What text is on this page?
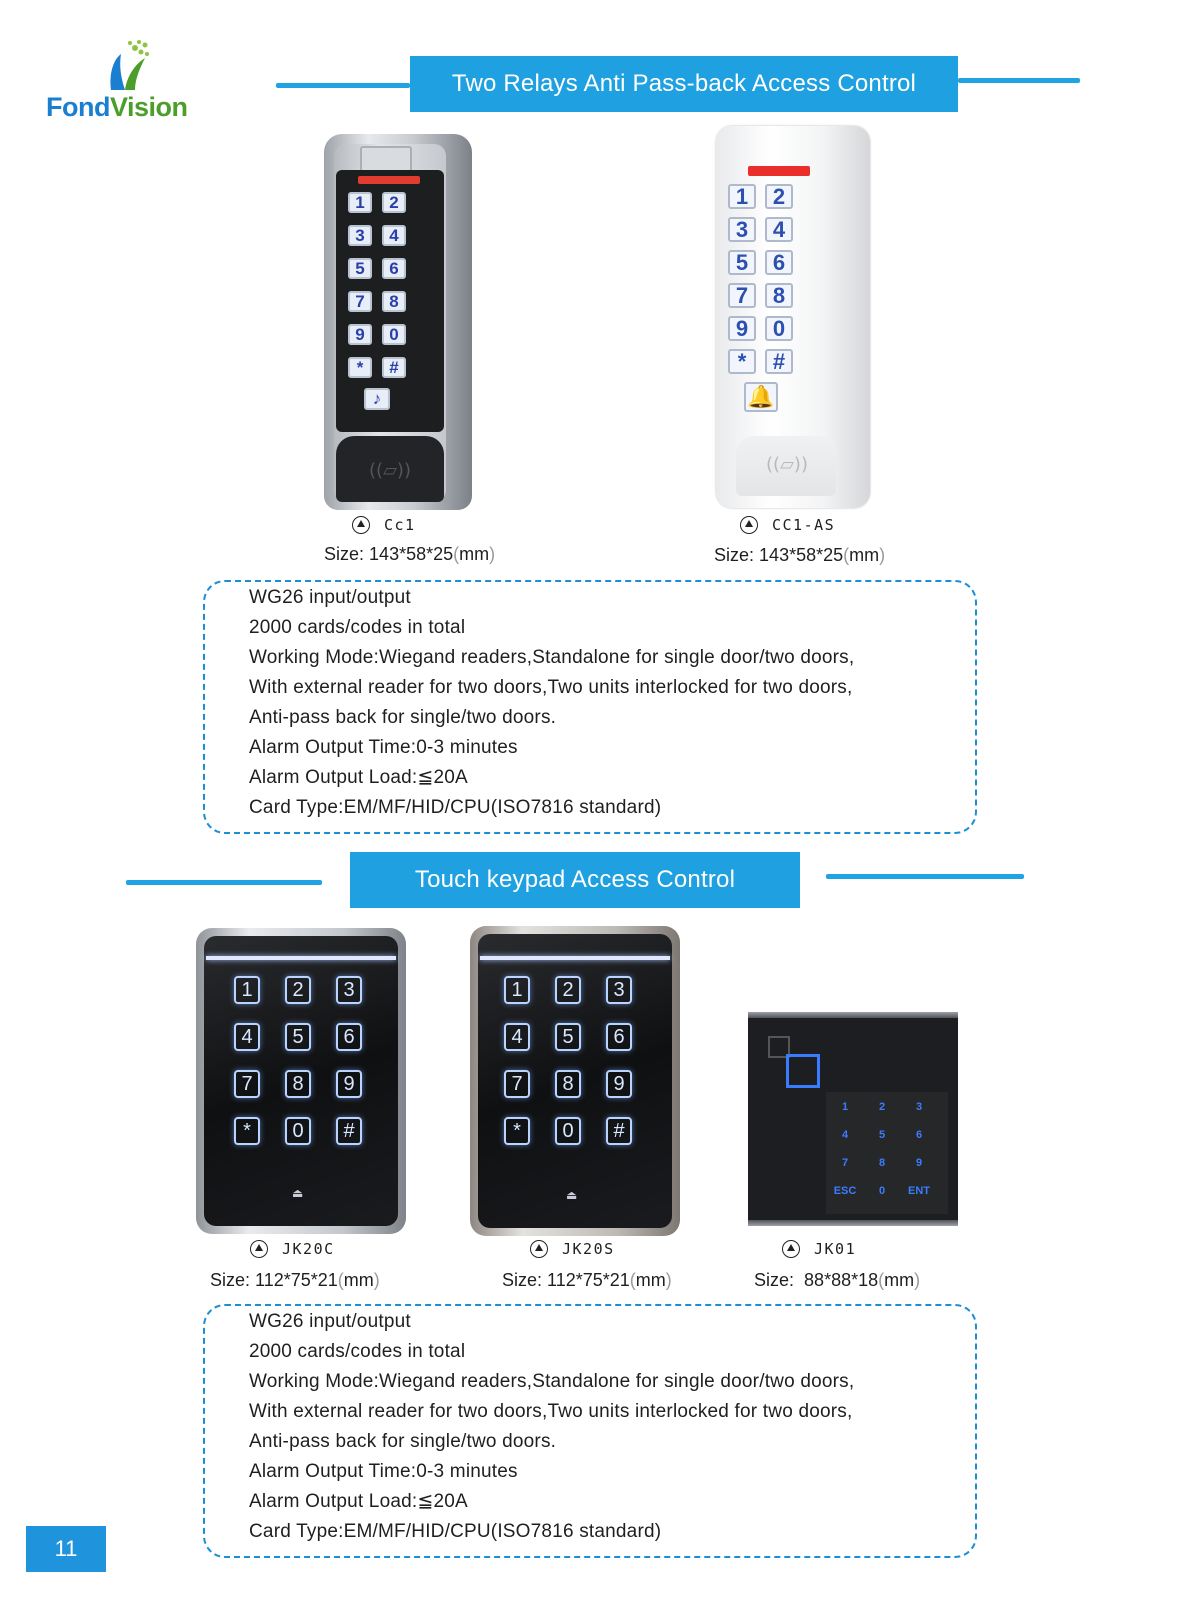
FondVision
Two Relays Anti Pass-back Access Control
1	2
3	4
5	6
7	8
9	0
*	#
♪
((▱))
1	2
3	4
5	6
7	8
9	0
*	#
🔔
((▱))
Cc1
Size: 143*58*25(mm)
CC1-AS
Size: 143*58*25(mm)
WG26 input/output
2000 cards/codes in total
Working Mode:Wiegand readers,Standalone for single door/two doors,
With external reader for two doors,Two units interlocked for two doors,
Anti-pass back for single/two doors.
Alarm Output Time:0-3 minutes
Alarm Output Load:≦20A
Card Type:EM/MF/HID/CPU(ISO7816 standard)
Touch keypad Access Control
1	2	3
4	5	6
7	8	9
*	0	#
⏏
1	2	3
4	5	6
7	8	9
*	0	#
⏏
1	2	3
4	5	6
7	8	9
ESC	0	ENT
JK20C
Size: 112*75*21(mm)
JK20S
Size: 112*75*21(mm)
JK01
Size: 88*88*18(mm)
WG26 input/output
2000 cards/codes in total
Working Mode:Wiegand readers,Standalone for single door/two doors,
With external reader for two doors,Two units interlocked for two doors,
Anti-pass back for single/two doors.
Alarm Output Time:0-3 minutes
Alarm Output Load:≦20A
Card Type:EM/MF/HID/CPU(ISO7816 standard)
11
